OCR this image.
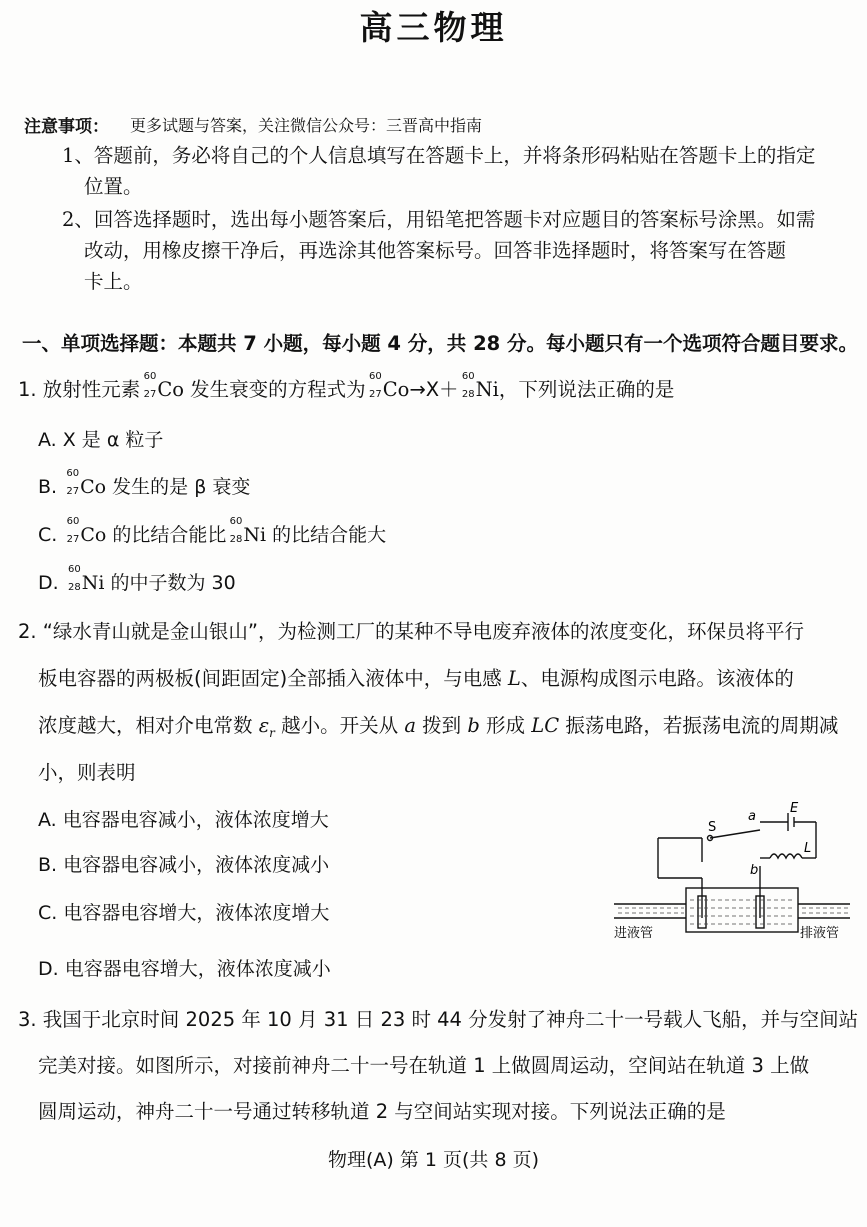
高三物理
注意事项： 更多试题与答案，关注微信公众号：三晋高中指南
1、答题前，务必将自己的个人信息填写在答题卡上，并将条形码粘贴在答题卡上的指定
位置。
2、回答选择题时，选出每小题答案后，用铅笔把答题卡对应题目的答案标号涂黑。如需
改动，用橡皮擦干净后，再选涂其他答案标号。回答非选择题时，将答案写在答题
卡上。
一、单项选择题：本题共 7 小题，每小题 4 分，共 28 分。每小题只有一个选项符合题目要求。
1. 放射性元素
60
27 Co 发生衰变的方程式为
60
27 Co→X＋
60
28 Ni，下列说法正确的是
A. X 是 α 粒子
B.
60
27 Co 发生的是 β 衰变
C.
60
27 Co 的比结合能比
60
28 Ni 的比结合能大
D.
60
28 Ni 的中子数为 30
2. “绿水青山就是金山银山”，为检测工厂的某种不导电废弃液体的浓度变化，环保员将平行
板电容器的两极板(间距固定)全部插入液体中，与电感 L、电源构成图示电路。该液体的
浓度越大，相对介电常数 $\varepsilon_r$ 越小。开关从 a 拨到 b 形成 LC 振荡电路，若振荡电流的周期减
小，则表明
A. 电容器电容减小，液体浓度增大
B. 电容器电容减小，液体浓度减小
C. 电容器电容增大，液体浓度增大
D. 电容器电容增大，液体浓度减小
S
a
E
b
L
进液管	排液管
3. 我国于北京时间 2025 年 10 月 31 日 23 时 44 分发射了神舟二十一号载人飞船，并与空间站
完美对接。如图所示，对接前神舟二十一号在轨道 1 上做圆周运动，空间站在轨道 3 上做
圆周运动，神舟二十一号通过转移轨道 2 与空间站实现对接。下列说法正确的是
物理(A) 第 1 页(共 8 页)
